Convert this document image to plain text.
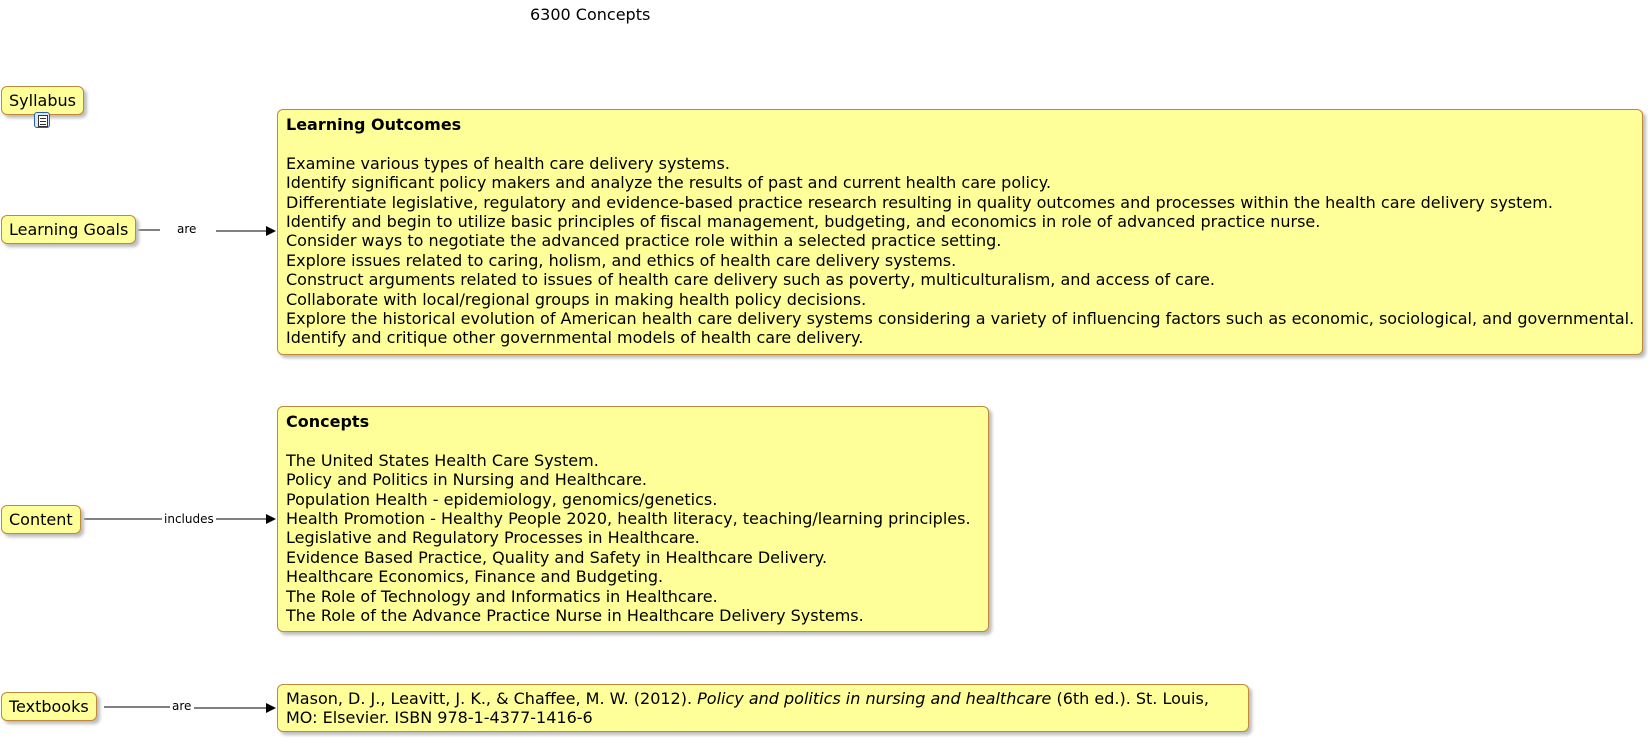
6300 Concepts
Syllabus
Learning Goals
Content
Textbooks
are
includes
are
Learning Outcomes
Examine various types of health care delivery systems.
Identify significant policy makers and analyze the results of past and current health care policy.
Differentiate legislative, regulatory and evidence-based practice research resulting in quality outcomes and processes within the health care delivery system.
Identify and begin to utilize basic principles of fiscal management, budgeting, and economics in role of advanced practice nurse.
Consider ways to negotiate the advanced practice role within a selected practice setting.
Explore issues related to caring, holism, and ethics of health care delivery systems.
Construct arguments related to issues of health care delivery such as poverty, multiculturalism, and access of care.
Collaborate with local/regional groups in making health policy decisions.
Explore the historical evolution of American health care delivery systems considering a variety of influencing factors such as economic, sociological, and governmental.
Identify and critique other governmental models of health care delivery.
Concepts
The United States Health Care System.
Policy and Politics in Nursing and Healthcare.
Population Health - epidemiology, genomics/genetics.
Health Promotion - Healthy People 2020, health literacy, teaching/learning principles.
Legislative and Regulatory Processes in Healthcare.
Evidence Based Practice, Quality and Safety in Healthcare Delivery.
Healthcare Economics, Finance and Budgeting.
The Role of Technology and Informatics in Healthcare.
The Role of the Advance Practice Nurse in Healthcare Delivery Systems.
Mason, D. J., Leavitt, J. K., & Chaffee, M. W. (2012). Policy and politics in nursing and healthcare (6th ed.). St. Louis,
MO: Elsevier. ISBN 978-1-4377-1416-6
